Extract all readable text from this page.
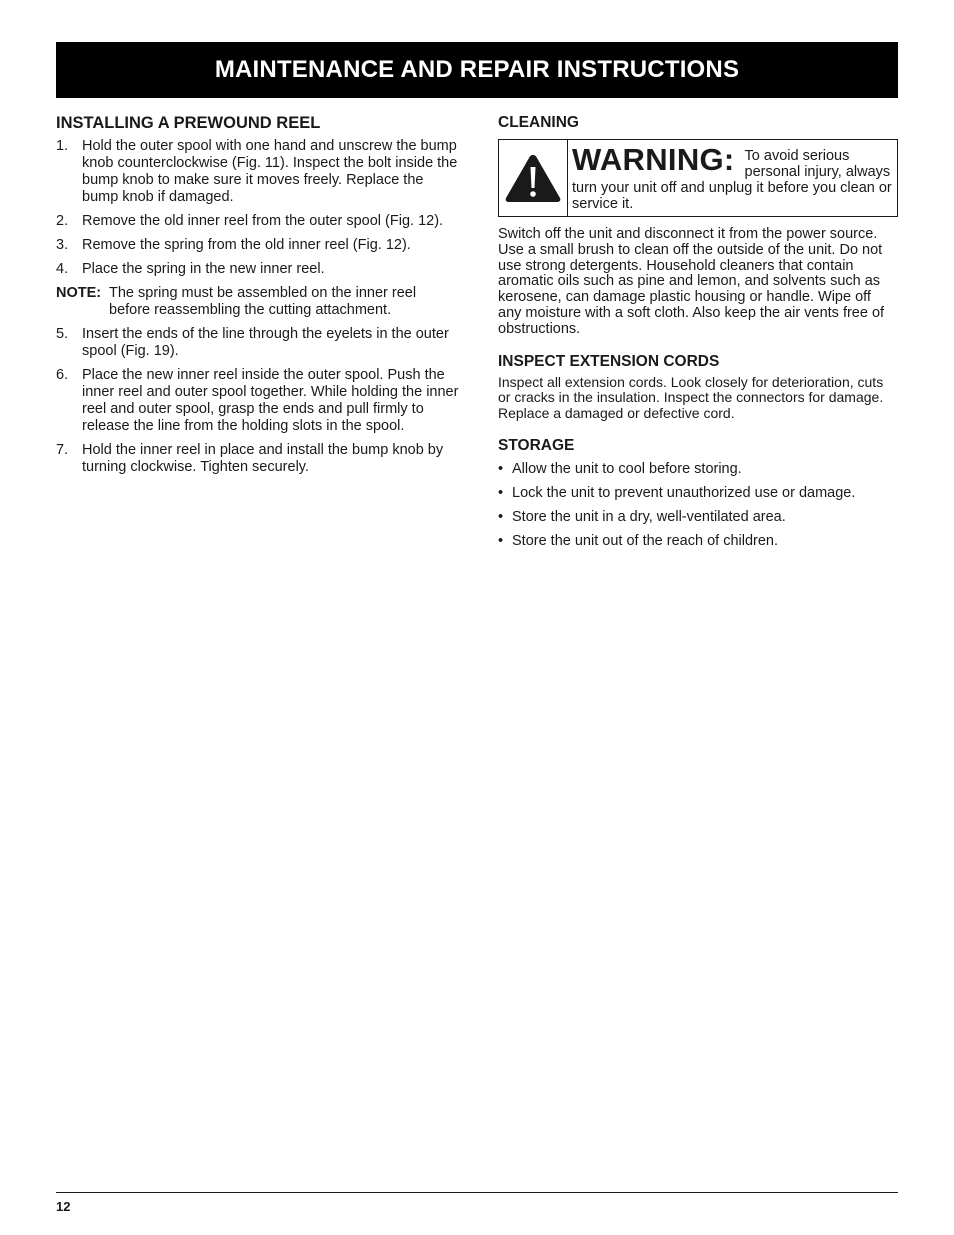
MAINTENANCE AND REPAIR INSTRUCTIONS
INSTALLING A PREWOUND REEL
1. Hold the outer spool with one hand and unscrew the bump knob counterclockwise (Fig. 11). Inspect the bolt inside the bump knob to make sure it moves freely. Replace the bump knob if damaged.
2. Remove the old inner reel from the outer spool (Fig. 12).
3. Remove the spring from the old inner reel (Fig. 12).
4. Place the spring in the new inner reel.
NOTE: The spring must be assembled on the inner reel before reassembling the cutting attachment.
5. Insert the ends of the line through the eyelets in the outer spool (Fig. 19).
6. Place the new inner reel inside the outer spool. Push the inner reel and outer spool together. While holding the inner reel and outer spool, grasp the ends and pull firmly to release the line from the holding slots in the spool.
7. Hold the inner reel in place and install the bump knob by turning clockwise. Tighten securely.
CLEANING
WARNING: To avoid serious personal injury, always turn your unit off and unplug it before you clean or service it.

Switch off the unit and disconnect it from the power source. Use a small brush to clean off the outside of the unit. Do not use strong detergents. Household cleaners that contain aromatic oils such as pine and lemon, and solvents such as kerosene, can damage plastic housing or handle. Wipe off any moisture with a soft cloth. Also keep the air vents free of obstructions.

INSPECT EXTENSION CORDS

Inspect all extension cords. Look closely for deterioration, cuts or cracks in the insulation. Inspect the connectors for damage. Replace a damaged or defective cord.

STORAGE
• Allow the unit to cool before storing.
• Lock the unit to prevent unauthorized use or damage.
• Store the unit in a dry, well-ventilated area.
• Store the unit out of the reach of children.
12
